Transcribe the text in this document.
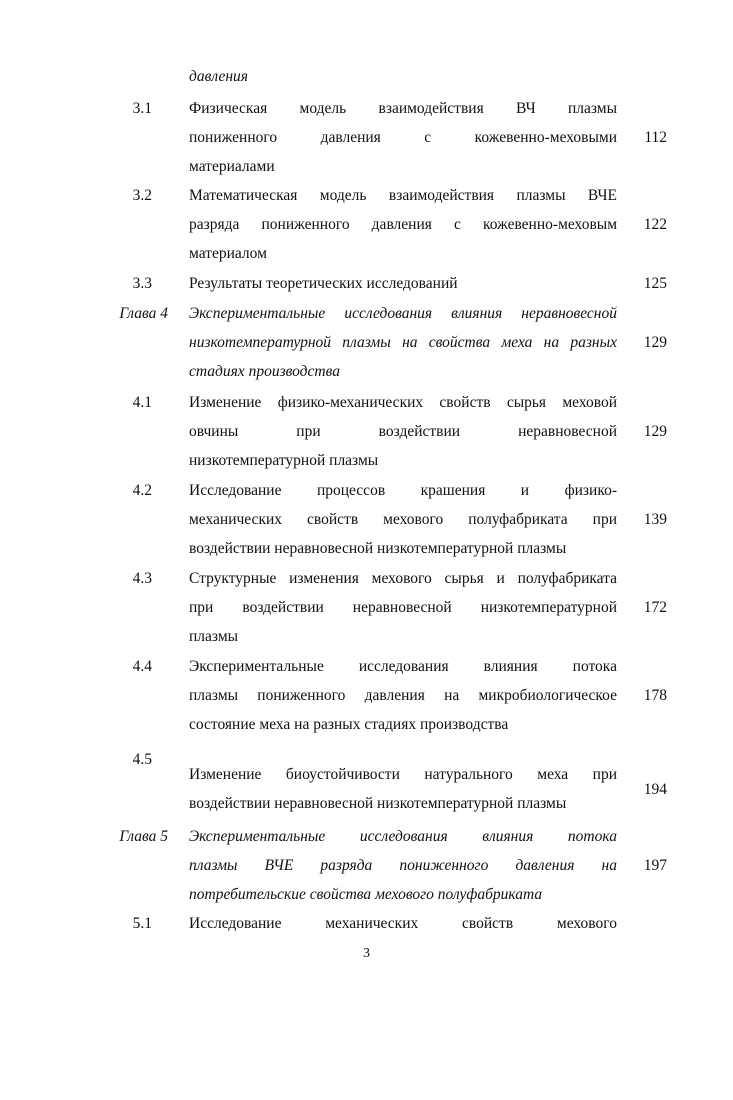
давления
3.1 Физическая модель взаимодействия ВЧ плазмы
пониженного давления с кожевенно-меховыми
материалами
112
3.2 Математическая модель взаимодействия плазмы ВЧЕ
разряда пониженного давления с кожевенно-меховым
материалом
122
3.3 Результаты теоретических исследований	125
Глава 4 Экспериментальные исследования влияния неравновесной
низкотемпературной плазмы на свойства меха на разных
стадиях производства
129
4.1 Изменение физико-механических свойств сырья меховой
овчины при воздействии неравновесной
низкотемпературной плазмы
129
4.2 Исследование процессов крашения и физико-
механических свойств мехового полуфабриката при
воздействии неравновесной низкотемпературной плазмы
139
4.3 Структурные изменения мехового сырья и полуфабриката
при воздействии неравновесной низкотемпературной
плазмы
172
4.4 Экспериментальные исследования влияния потока
плазмы пониженного давления на микробиологическое
состояние меха на разных стадиях производства
178
4.5
Изменение биоустойчивости натурального меха при
воздействии неравновесной низкотемпературной плазмы
194
Глава 5 Экспериментальные исследования влияния потока
плазмы ВЧЕ разряда пониженного давления на
потребительские свойства мехового полуфабриката
197
5.1 Исследование механических свойств мехового
3
